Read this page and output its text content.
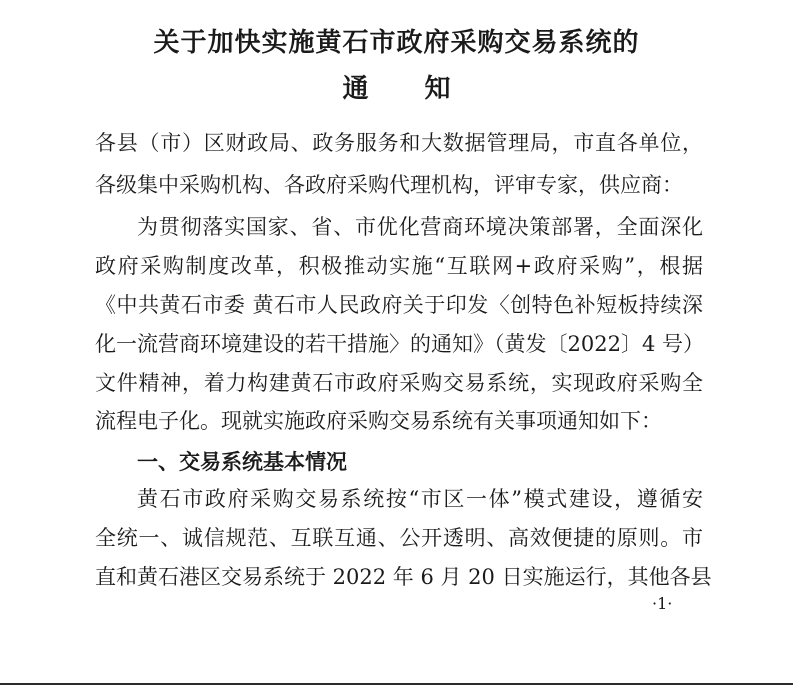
关于加快实施黄石市政府采购交易系统的
通知
各县（市）区财政局、政务服务和大数据管理局，市直各单位，
各级集中采购机构、各政府采购代理机构，评审专家，供应商：
为贯彻落实国家、省、市优化营商环境决策部署，全面深化
政府采购制度改革，积极推动实施“互联网+政府采购”，根据
《中共黄石市委 黄石市人民政府关于印发〈创特色补短板持续深
化一流营商环境建设的若干措施〉的通知》（黄发〔2022〕4 号）
文件精神，着力构建黄石市政府采购交易系统，实现政府采购全
流程电子化。现就实施政府采购交易系统有关事项通知如下：
一、交易系统基本情况
黄石市政府采购交易系统按“市区一体”模式建设，遵循安
全统一、诚信规范、互联互通、公开透明、高效便捷的原则。市
直和黄石港区交易系统于 2022 年 6 月 20 日实施运行，其他各县
·1·
